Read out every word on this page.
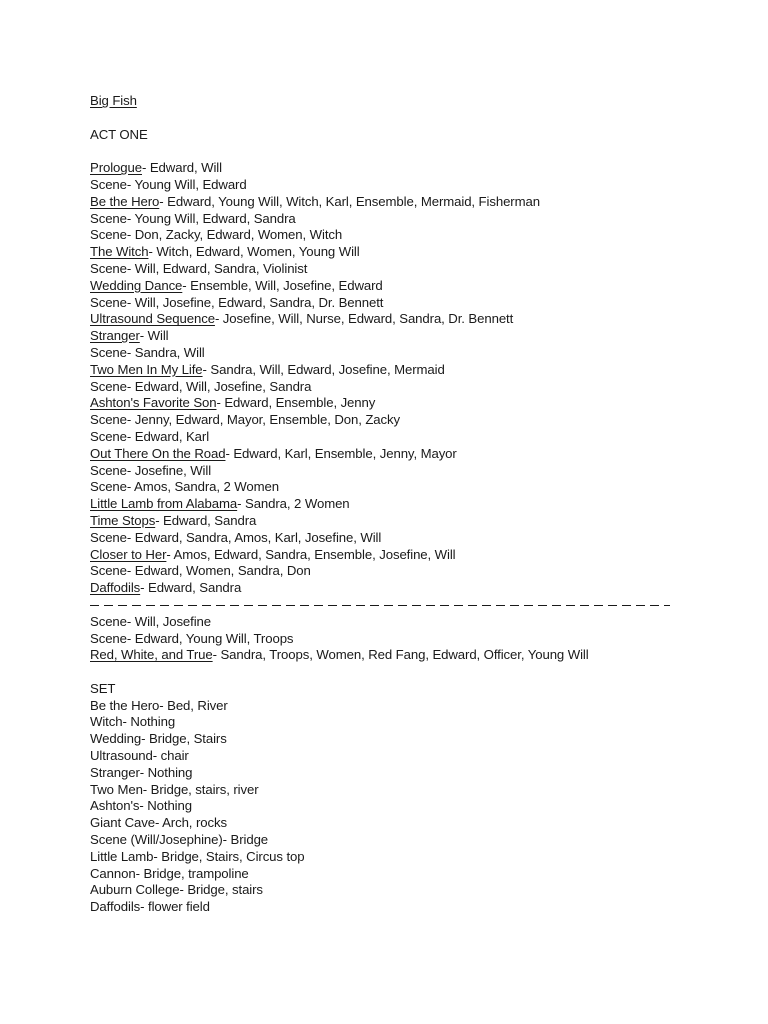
Big Fish
ACT ONE
Prologue- Edward, Will
Scene- Young Will, Edward
Be the Hero- Edward, Young Will, Witch, Karl, Ensemble, Mermaid, Fisherman
Scene- Young Will, Edward, Sandra
Scene- Don, Zacky, Edward, Women, Witch
The Witch- Witch, Edward, Women, Young Will
Scene- Will, Edward, Sandra, Violinist
Wedding Dance- Ensemble, Will, Josefine, Edward
Scene- Will, Josefine, Edward, Sandra, Dr. Bennett
Ultrasound Sequence- Josefine, Will, Nurse, Edward, Sandra, Dr. Bennett
Stranger- Will
Scene- Sandra, Will
Two Men In My Life- Sandra, Will, Edward, Josefine, Mermaid
Scene- Edward, Will, Josefine, Sandra
Ashton's Favorite Son- Edward, Ensemble, Jenny
Scene- Jenny, Edward, Mayor, Ensemble, Don, Zacky
Scene- Edward, Karl
Out There On the Road- Edward, Karl, Ensemble, Jenny, Mayor
Scene- Josefine, Will
Scene- Amos, Sandra, 2 Women
Little Lamb from Alabama- Sandra, 2 Women
Time Stops- Edward, Sandra
Scene- Edward, Sandra, Amos, Karl, Josefine, Will
Closer to Her- Amos, Edward, Sandra, Ensemble, Josefine, Will
Scene- Edward, Women, Sandra, Don
Daffodils- Edward, Sandra
Scene- Will, Josefine
Scene- Edward, Young Will, Troops
Red, White, and True- Sandra, Troops, Women, Red Fang, Edward, Officer, Young Will
SET
Be the Hero- Bed, River
Witch- Nothing
Wedding- Bridge, Stairs
Ultrasound- chair
Stranger- Nothing
Two Men- Bridge, stairs, river
Ashton's- Nothing
Giant Cave- Arch, rocks
Scene (Will/Josephine)- Bridge
Little Lamb- Bridge, Stairs, Circus top
Cannon- Bridge, trampoline
Auburn College- Bridge, stairs
Daffodils- flower field
